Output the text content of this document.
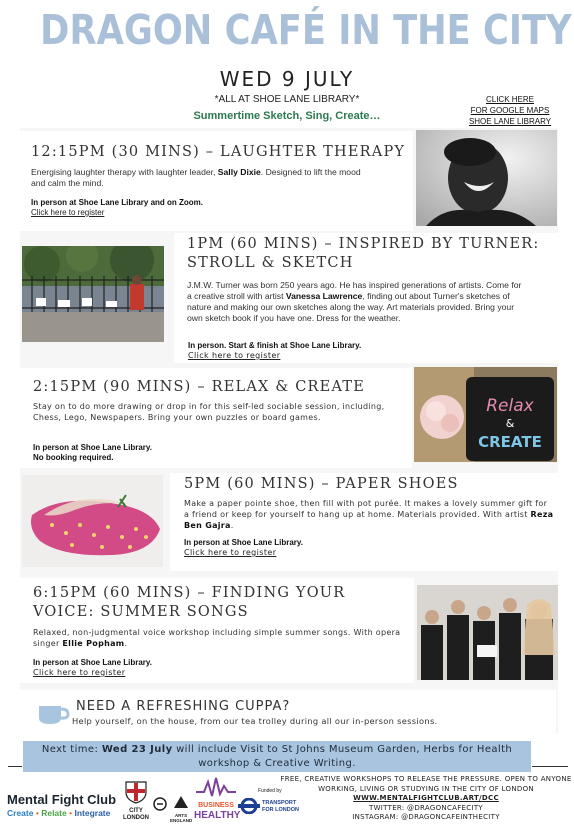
DRAGON CAFÉ IN THE CITY
WED 9 JULY
*ALL AT SHOE LANE LIBRARY*
Summertime Sketch, Sing, Create…
CLICK HERE
FOR GOOGLE MAPS
SHOE LANE LIBRARY
12:15PM (30 MINS) – LAUGHTER THERAPY
Energising laughter therapy with laughter leader, Sally Dixie. Designed to lift the mood and calm the mind.
In person at Shoe Lane Library and on Zoom.
Click here to register
1PM (60 MINS) – INSPIRED BY TURNER: STROLL & SKETCH
J.M.W. Turner was born 250 years ago. He has inspired generations of artists. Come for a creative stroll with artist Vanessa Lawrence, finding out about Turner's sketches of nature and making our own sketches along the way. Art materials provided. Bring your own sketch book if you have one. Dress for the weather.
In person. Start & finish at Shoe Lane Library.
Click here to register
2:15PM (90 MINS) – RELAX & CREATE
Stay on to do more drawing or drop in for this self-led sociable session, including, Chess, Lego, Newspapers. Bring your own puzzles or board games.
In person at Shoe Lane Library.
No booking required.
Relax
&
CREATE
5PM (60 MINS) – PAPER SHOES
Make a paper pointe shoe, then fill with pot purée. It makes a lovely summer gift for a friend or keep for yourself to hang up at home. Materials provided. With artist Reza Ben Gajra.
In person at Shoe Lane Library.
Click here to register
6:15PM (60 MINS) – FINDING YOUR VOICE: SUMMER SONGS
Relaxed, non-judgmental voice workshop including simple summer songs. With opera singer Ellie Popham.
In person at Shoe Lane Library.
Click here to register
NEED A REFRESHING CUPPA?
Help yourself, on the house, from our tea trolley during all our in-person sessions.
Next time: Wed 23 July will include Visit to St Johns Museum Garden, Herbs for Health workshop & Creative Writing.
Mental Fight Club
Create • Relate • Integrate	CITY
LONDON	ARTS
ENGLAND
BUSINESS
HEALTHY
Funded by
TRANSPORT
FOR LONDON
FREE, CREATIVE WORKSHOPS TO RELEASE THE PRESSURE. OPEN TO ANYONE WORKING, LIVING OR STUDYING IN THE CITY OF LONDON
WWW.MENTALFIGHTCLUB.ART/DCC
TWITTER: @DRAGONCAFECITY
INSTAGRAM: @DRAGONCAFEINTHECITY
